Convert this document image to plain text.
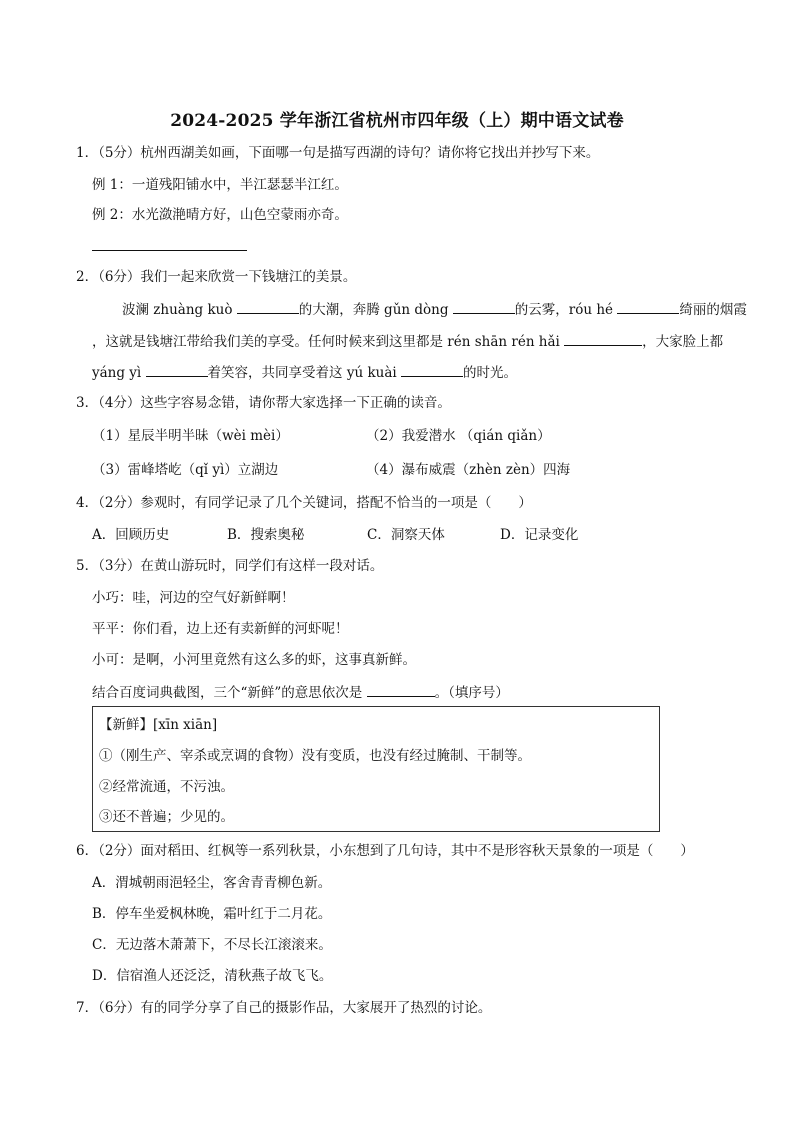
2024-2025 学年浙江省杭州市四年级（上）期中语文试卷
1．（5分）杭州西湖美如画，下面哪一句是描写西湖的诗句？请你将它找出并抄写下来。
例 1：一道残阳铺水中，半江瑟瑟半江红。
例 2：水光潋滟晴方好，山色空蒙雨亦奇。
2．（6分）我们一起来欣赏一下钱塘江的美景。
波澜 zhuàng kuò	的大潮，奔腾 gǔn dòng	的云雾，róu hé	绮丽的烟霞
，这就是钱塘江带给我们美的享受。任何时候来到这里都是 rén shān rén hǎi	，大家脸上都
yáng yì	着笑容，共同享受着这 yú kuài	的时光。
3．（4分）这些字容易念错，请你帮大家选择一下正确的读音。
（1）星辰半明半昧（wèi mèi）	（2）我爱潜水 （qián qiǎn）
（3）雷峰塔屹（qǐ yì）立湖边	（4）瀑布威震（zhèn zèn）四海
4．（2分）参观时，有同学记录了几个关键词，搭配不恰当的一项是（　　）
A．回顾历史	B．搜索奥秘	C．洞察天体	D．记录变化
5．（3分）在黄山游玩时，同学们有这样一段对话。
小巧：哇，河边的空气好新鲜啊！
平平：你们看，边上还有卖新鲜的河虾呢！
小可：是啊，小河里竟然有这么多的虾，这事真新鲜。
结合百度词典截图，三个“新鲜”的意思依次是	。（填序号）
【新鲜】[xīn xiān]
①（刚生产、宰杀或烹调的食物）没有变质，也没有经过腌制、干制等。
②经常流通，不污浊。
③还不普遍；少见的。
6．（2分）面对稻田、红枫等一系列秋景，小东想到了几句诗，其中不是形容秋天景象的一项是（　　）
A．渭城朝雨浥轻尘，客舍青青柳色新。
B．停车坐爱枫林晚，霜叶红于二月花。
C．无边落木萧萧下，不尽长江滚滚来。
D．信宿渔人还泛泛，清秋燕子故飞飞。
7．（6分）有的同学分享了自己的摄影作品，大家展开了热烈的讨论。
